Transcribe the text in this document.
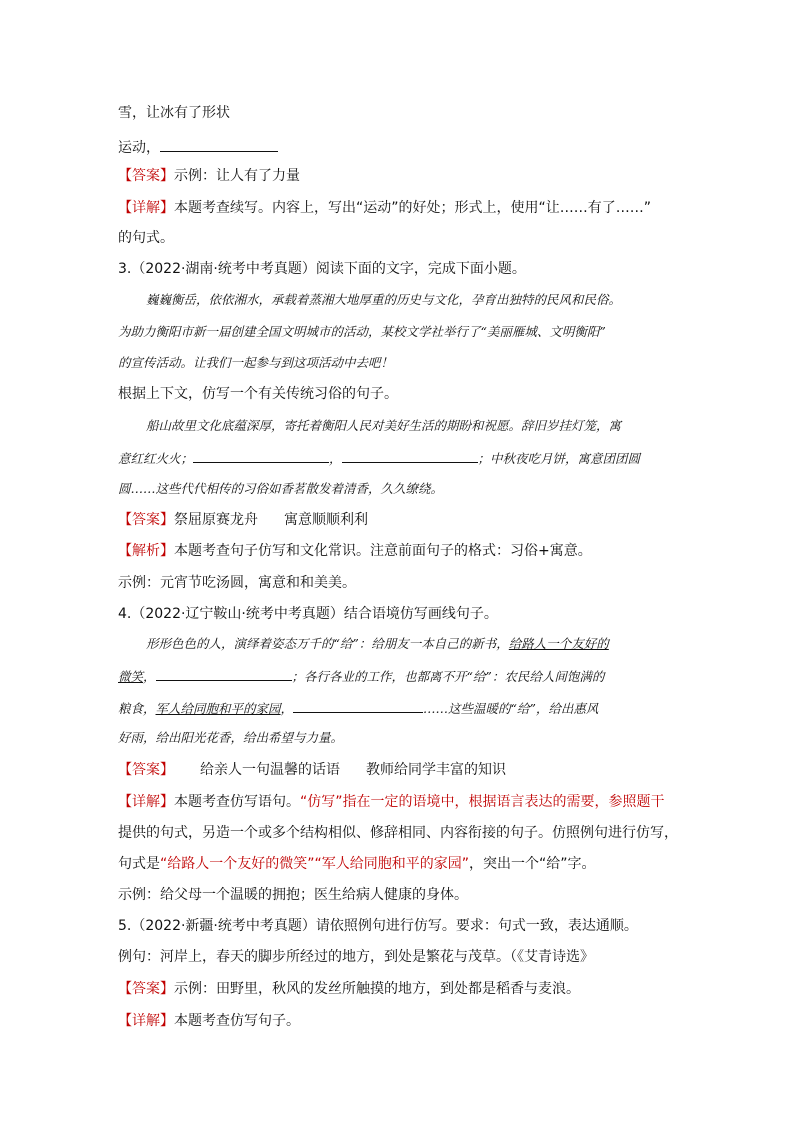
雪，让冰有了形状
运动，
【答案】示例：让人有了力量
【详解】本题考查续写。内容上，写出“运动”的好处；形式上，使用“让……有了……”
的句式。
3.（2022·湖南·统考中考真题）阅读下面的文字，完成下面小题。
巍巍衡岳，依依湘水，承载着蒸湘大地厚重的历史与文化，孕育出独特的民风和民俗。
为助力衡阳市新一届创建全国文明城市的活动，某校文学社举行了“美丽雁城、文明衡阳”
的宣传活动。让我们一起参与到这项活动中去吧！
根据上下文，仿写一个有关传统习俗的句子。
船山故里文化底蕴深厚，寄托着衡阳人民对美好生活的期盼和祝愿。辞旧岁挂灯笼，寓
意红红火火；	，	；中秋夜吃月饼，寓意团团圆
圆……这些代代相传的习俗如香茗散发着清香，久久缭绕。
【答案】祭屈原赛龙舟 寓意顺顺利利
【解析】本题考查句子仿写和文化常识。注意前面句子的格式：习俗+寓意。
示例：元宵节吃汤圆，寓意和和美美。
4.（2022·辽宁鞍山·统考中考真题）结合语境仿写画线句子。
形形色色的人，演绎着姿态万千的“给”：给朋友一本自己的新书，给路人一个友好的
微笑，	；各行各业的工作，也都离不开“给”：农民给人间饱满的
粮食，军人给同胞和平的家园，	……这些温暖的“给”，给出惠风
好雨，给出阳光花香，给出希望与力量。
【答案】 给亲人一句温馨的话语 教师给同学丰富的知识
【详解】本题考查仿写语句。“仿写”指在一定的语境中，根据语言表达的需要，参照题干
提供的句式，另造一个或多个结构相似、修辞相同、内容衔接的句子。仿照例句进行仿写，
句式是“给路人一个友好的微笑”“军人给同胞和平的家园”，突出一个“给”字。
示例：给父母一个温暖的拥抱；医生给病人健康的身体。
5.（2022·新疆·统考中考真题）请依照例句进行仿写。要求：句式一致，表达通顺。
例句：河岸上，春天的脚步所经过的地方，到处是繁花与茂草。（《艾青诗选》
【答案】示例：田野里，秋风的发丝所触摸的地方，到处都是稻香与麦浪。
【详解】本题考查仿写句子。
